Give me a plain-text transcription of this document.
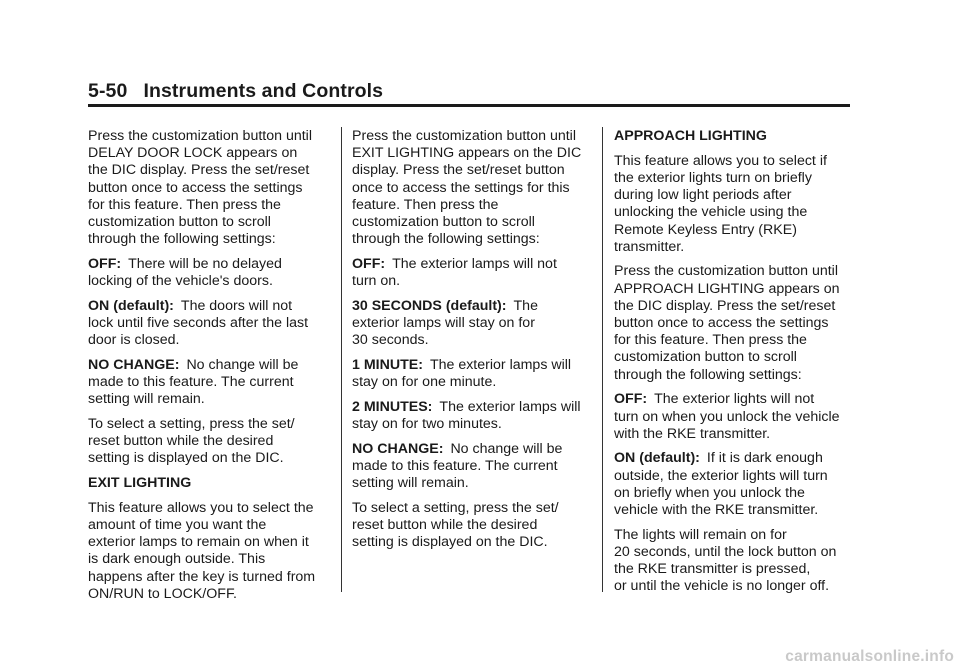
5-50 Instruments and Controls

Press the customization button until
DELAY DOOR LOCK appears on
the DIC display. Press the set/reset
button once to access the settings
for this feature. Then press the
customization button to scroll
through the following settings:

OFF: There will be no delayed
locking of the vehicle's doors.

ON (default): The doors will not
lock until five seconds after the last
door is closed.

NO CHANGE: No change will be
made to this feature. The current
setting will remain.

To select a setting, press the set/
reset button while the desired
setting is displayed on the DIC.

EXIT LIGHTING

This feature allows you to select the
amount of time you want the
exterior lamps to remain on when it
is dark enough outside. This
happens after the key is turned from
ON/RUN to LOCK/OFF.

Press the customization button until
EXIT LIGHTING appears on the DIC
display. Press the set/reset button
once to access the settings for this
feature. Then press the
customization button to scroll
through the following settings:

OFF: The exterior lamps will not
turn on.

30 SECONDS (default): The
exterior lamps will stay on for
30 seconds.

1 MINUTE: The exterior lamps will
stay on for one minute.

2 MINUTES: The exterior lamps will
stay on for two minutes.

NO CHANGE: No change will be
made to this feature. The current
setting will remain.

To select a setting, press the set/
reset button while the desired
setting is displayed on the DIC.

APPROACH LIGHTING

This feature allows you to select if
the exterior lights turn on briefly
during low light periods after
unlocking the vehicle using the
Remote Keyless Entry (RKE)
transmitter.

Press the customization button until
APPROACH LIGHTING appears on
the DIC display. Press the set/reset
button once to access the settings
for this feature. Then press the
customization button to scroll
through the following settings:

OFF: The exterior lights will not
turn on when you unlock the vehicle
with the RKE transmitter.

ON (default): If it is dark enough
outside, the exterior lights will turn
on briefly when you unlock the
vehicle with the RKE transmitter.

The lights will remain on for
20 seconds, until the lock button on
the RKE transmitter is pressed,
or until the vehicle is no longer off.

carmanualsonline.info
